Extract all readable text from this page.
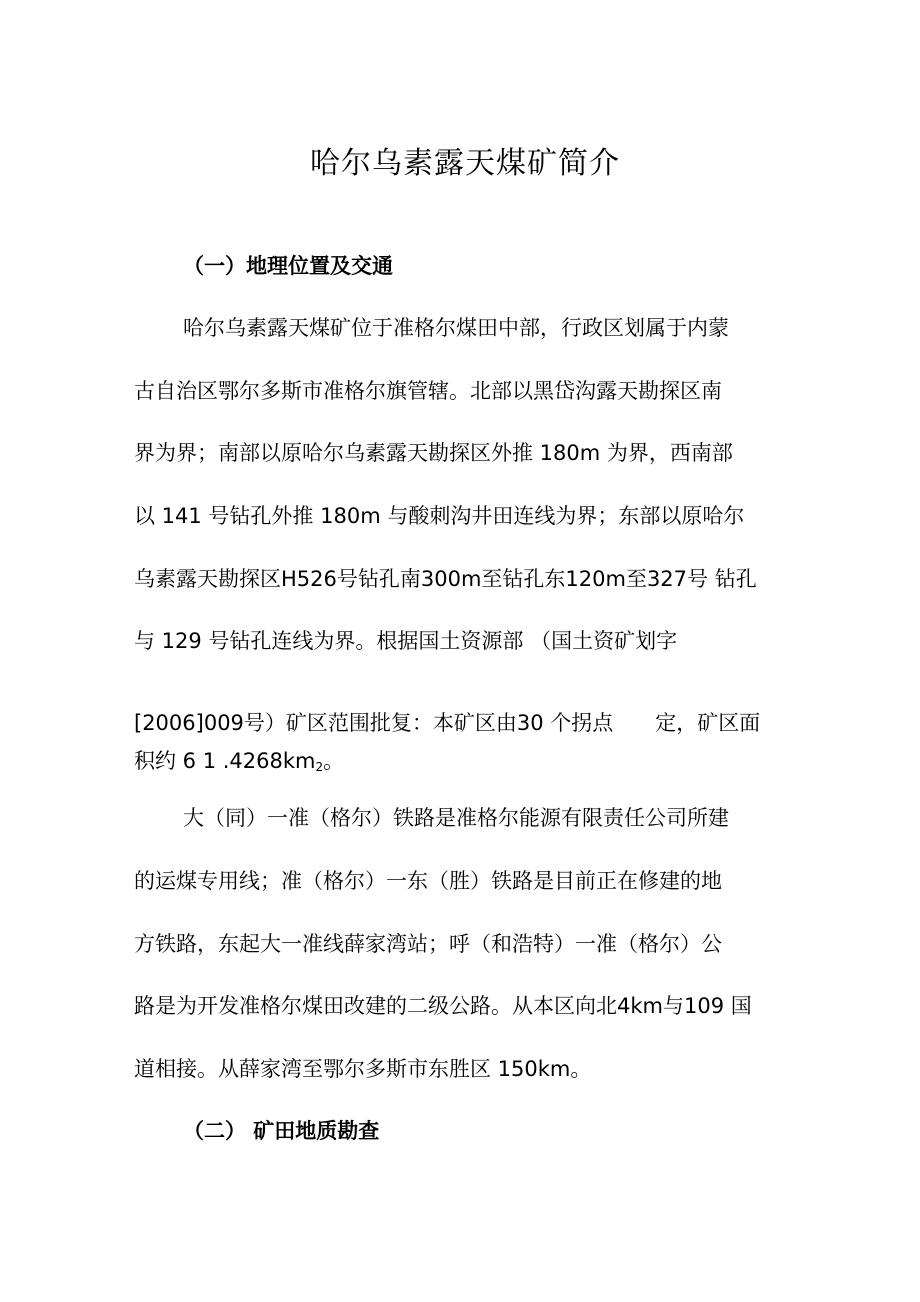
哈尔乌素露天煤矿简介
（一）地理位置及交通
哈尔乌素露天煤矿位于准格尔煤田中部，行政区划属于内蒙
古自治区鄂尔多斯市准格尔旗管辖。北部以黑岱沟露天勘探区南
界为界；南部以原哈尔乌素露天勘探区外推 180m 为界，西南部
以 141 号钻孔外推 180m 与酸刺沟井田连线为界；东部以原哈尔
乌素露天勘探区H526号钻孔南300m至钻孔东120m至327号 钻孔
与 129 号钻孔连线为界。根据国土资源部 （国土资矿划字
[2006]009号）矿区范围批复：本矿区由30 个拐点　　定，矿区面
积约 6 1 $.4268km_2$。
大（同）一准（格尔）铁路是准格尔能源有限责任公司所建
的运煤专用线；准（格尔）一东（胜）铁路是目前正在修建的地
方铁路，东起大一准线薛家湾站；呼（和浩特）一准（格尔）公
路是为开发准格尔煤田改建的二级公路。从本区向北4km与109 国
道相接。从薛家湾至鄂尔多斯市东胜区 150km。
（二） 矿田地质勘查
